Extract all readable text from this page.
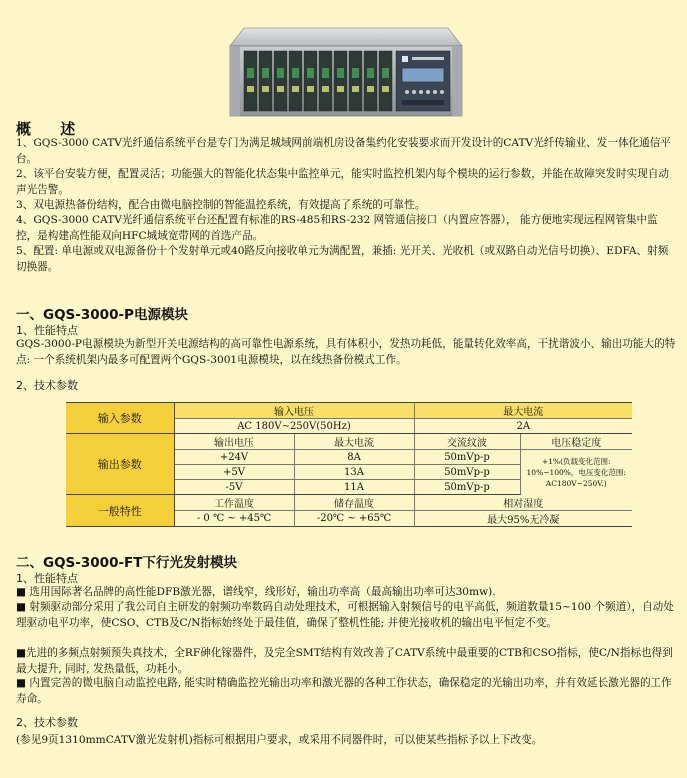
概 述

1、GQS-3000 CATV光纤通信系统平台是专门为满足城域网前端机房设备集约化安装要求而开发设计的CATV光纤传输业、发一体化通信平台。

2、该平台安装方便，配置灵活；功能强大的智能化状态集中监控单元，能实时监控机架内每个模块的运行参数，并能在故障突发时实现自动声光告警。

3、双电源热备份结构，配合由微电脑控制的智能温控系统，有效提高了系统的可靠性。

4、GQS-3000 CATV光纤通信系统平台还配置有标准的RS-485和RS-232 网管通信接口（内置应答器）， 能方便地实现远程网管集中监控，是构建高性能双向HFC城域宽带网的首选产品。

5、配置: 单电源或双电源备份十个发射单元或40路反向接收单元为满配置，兼插: 光开关、光收机（或双路自动光信号切换）、EDFA、射频切换器。

一、GQS-3000-P电源模块
1、性能特点

GQS-3000-P电源模块为新型开关电源结构的高可靠性电源系统，具有体积小，发热功耗低，能量转化效率高，干扰谐波小、输出功能大的特点: 一个系统机架内最多可配置两个GQS-3001电源模块，以在线热备份模式工作。

2、技术参数
输入参数	输入电压		最大电流	
	AC 180V~250V(50Hz)		2A	
输出参数	输出电压	最大电流	交流纹波	电压稳定度
	+24V	8A	50mVp-p	+1%(负载变化范围: 10%~100%，电压变化范围: AC180V~250V.)
	+5V	13A	50mVp-p	
	-5V	11A	50mVp-p	
一般特性	工作温度	储存温度	相对湿度	
	- 0 ℃ ~ +45℃	-20℃ ~ +65℃	最大95%无冷凝	
二、GQS-3000-FT下行光发射模块
1、性能特点

■ 选用国际著名品牌的高性能DFB激光器，谱线窄，线形好，输出功率高（最高输出功率可达30mw).

■ 射频驱动部分采用了我公司自主研发的射频功率数码自动处理技术，可根据输入射频信号的电平高低，频道数量15~100 个频道），自动处理驱动电平功率，使CSO、CTB及C/N指标始终处于最佳值，确保了整机性能; 并使光接收机的输出电平恒定不变。

■先进的多频点射频预失真技术，全RF砷化镓器件，及完全SMT结构有效改善了CATV系统中最重要的CTB和CSO指标，使C/N指标也得到最大提升, 同时, 发热量低，功耗小。

■ 内置完善的微电脑自动监控电路, 能实时精确监控光输出功率和激光器的各种工作状态，确保稳定的光输出功率，并有效延长激光器的工作寿命。

2、技术参数

(参见9页1310mmCATV激光发射机)指标可根据用户要求，或采用不同器件时，可以使某些指标予以上下改变。
